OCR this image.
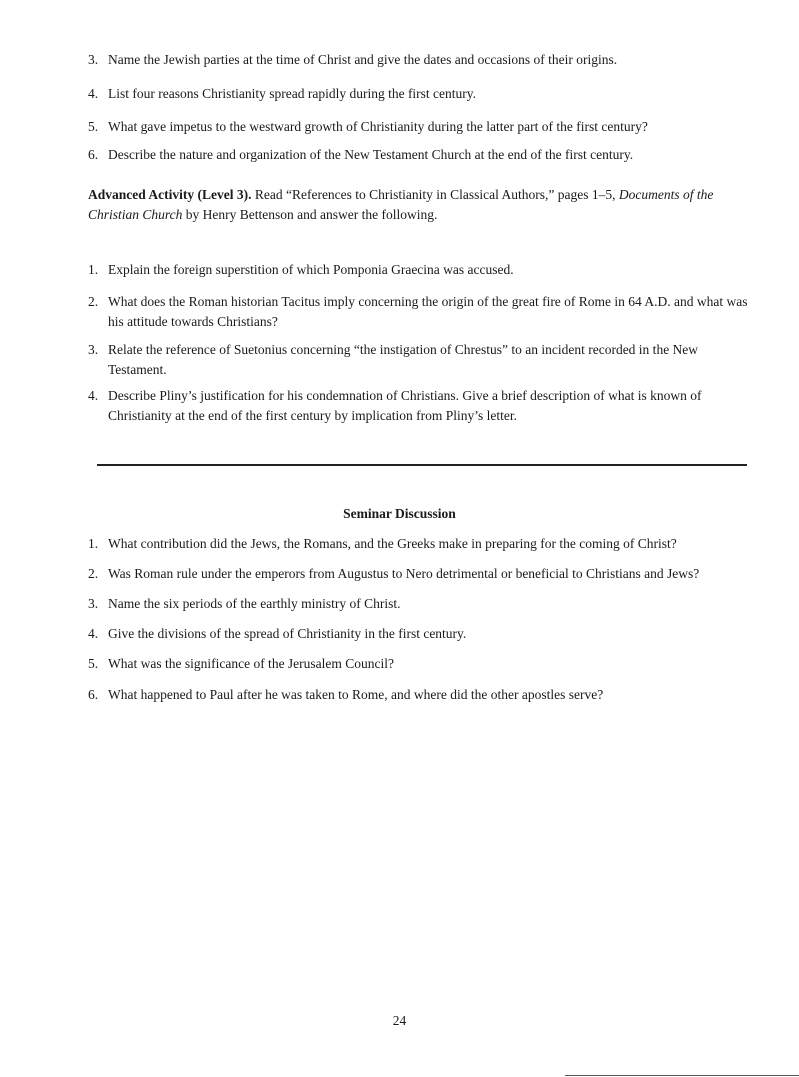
3. Name the Jewish parties at the time of Christ and give the dates and occasions of their origins.
4. List four reasons Christianity spread rapidly during the first century.
5. What gave impetus to the westward growth of Christianity during the latter part of the first century?
6. Describe the nature and organization of the New Testament Church at the end of the first century.
Advanced Activity (Level 3). Read “References to Christianity in Classical Authors,” pages 1–5, Documents of the Christian Church by Henry Bettenson and answer the following.
1. Explain the foreign superstition of which Pomponia Graecina was accused.
2. What does the Roman historian Tacitus imply concerning the origin of the great fire of Rome in 64 A.D. and what was his attitude towards Christians?
3. Relate the reference of Suetonius concerning “the instigation of Chrestus” to an incident recorded in the New Testament.
4. Describe Pliny’s justification for his condemnation of Christians. Give a brief description of what is known of Christianity at the end of the first century by implication from Pliny’s letter.
Seminar Discussion
1. What contribution did the Jews, the Romans, and the Greeks make in preparing for the coming of Christ?
2. Was Roman rule under the emperors from Augustus to Nero detrimental or beneficial to Christians and Jews?
3. Name the six periods of the earthly ministry of Christ.
4. Give the divisions of the spread of Christianity in the first century.
5. What was the significance of the Jerusalem Council?
6. What happened to Paul after he was taken to Rome, and where did the other apostles serve?
24
